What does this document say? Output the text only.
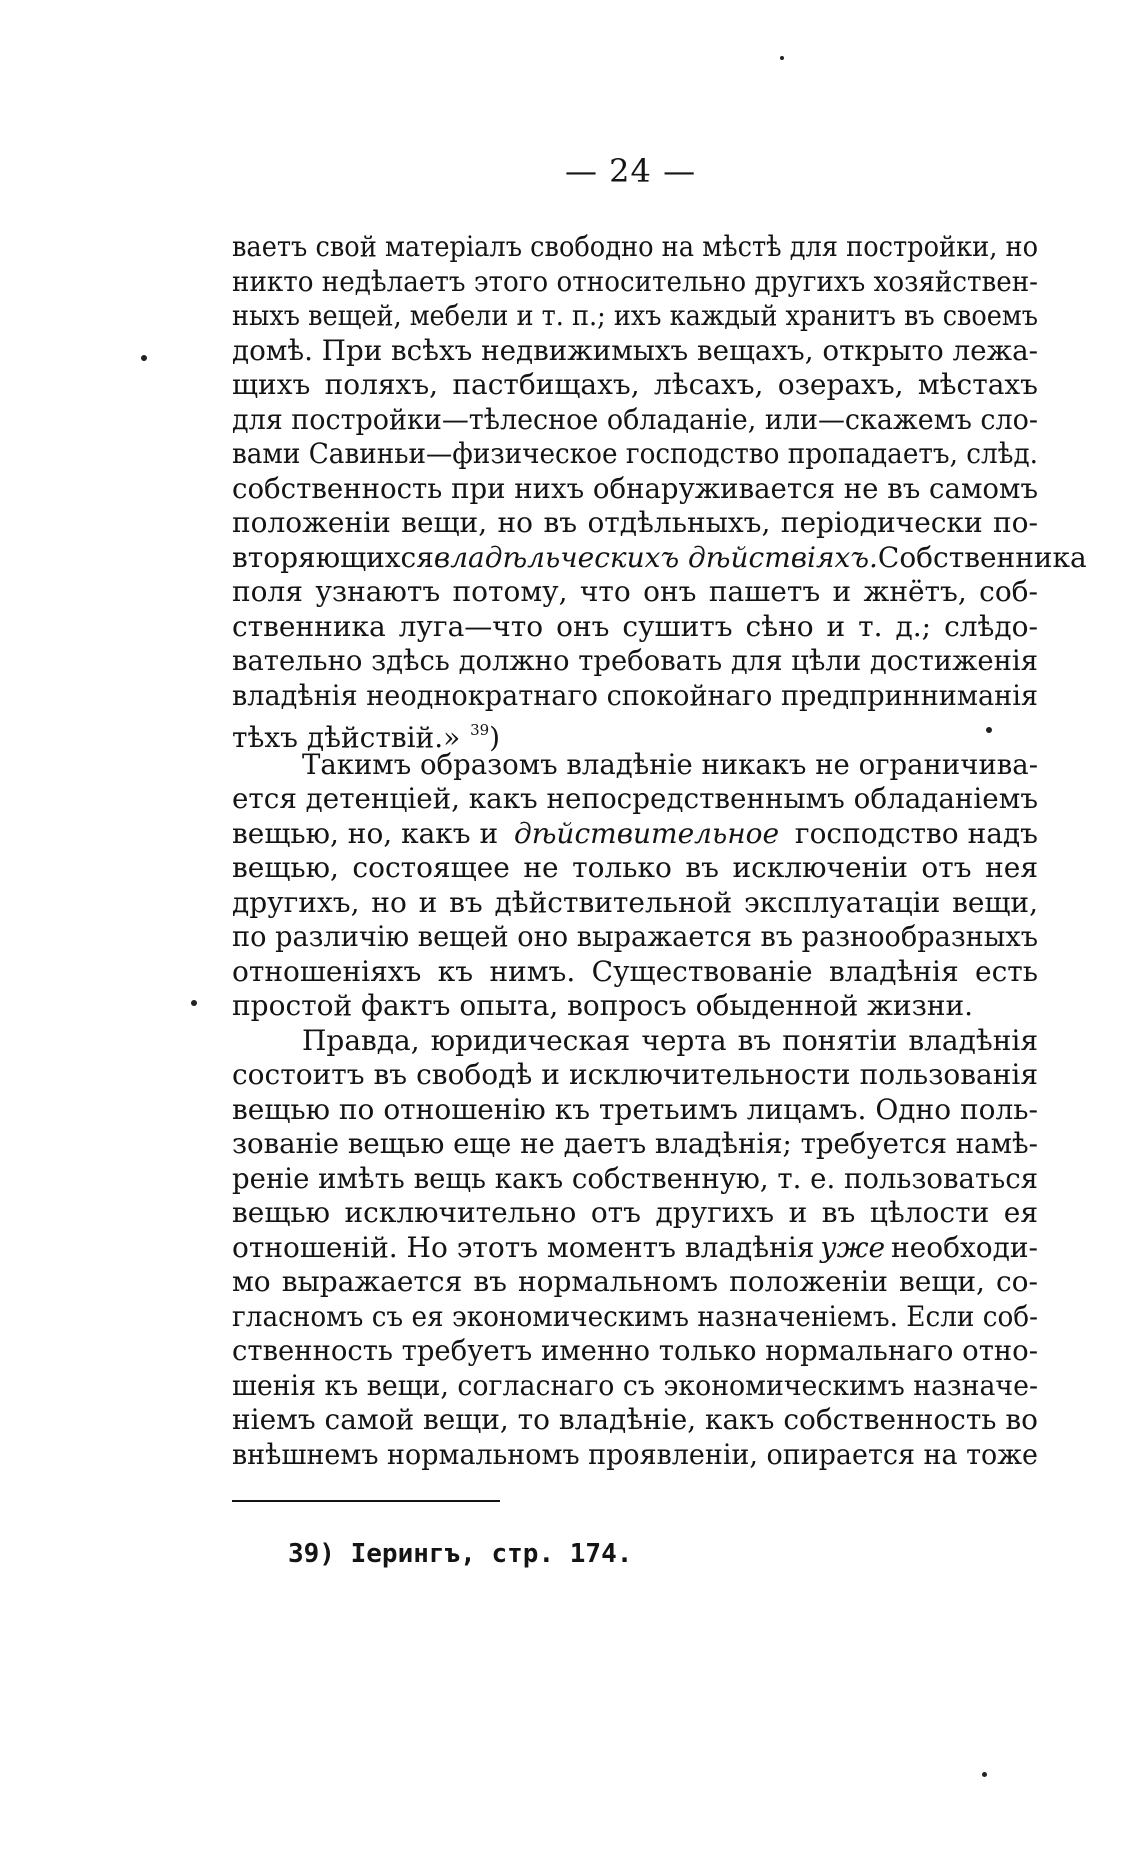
— 24 —
ваетъ свой матеріалъ свободно на мѣстѣ для постройки, но
никто недѣлаетъ этого относительно другихъ хозяйствен-
ныхъ вещей, мебели и т. п.; ихъ каждый хранитъ въ своемъ
домѣ. При всѣхъ недвижимыхъ вещахъ, открыто лежа-
щихъ поляхъ, пастбищахъ, лѣсахъ, озерахъ, мѣстахъ
для постройки—тѣлесное обладаніе, или—скажемъ сло-
вами Савиньи—физическое господство пропадаетъ, слѣд.
собственность при нихъ обнаруживается не въ самомъ
положеніи вещи, но въ отдѣльныхъ, періодически по-
вторяющихся владѣльческихъ дѣйствіяхъ. Собственника
поля узнаютъ потому, что онъ пашетъ и жнётъ, соб-
ственника луга—что онъ сушитъ сѣно и т. д.; слѣдо-
вательно здѣсь должно требовать для цѣли достиженія
владѣнія неоднократнаго спокойнаго предпринниманія
тѣхъ дѣйствій.» $^{39}$)
Такимъ образомъ владѣніе никакъ не ограничива-
ется детенціей, какъ непосредственнымъ обладаніемъ
вещью, но, какъ и дѣйствительное господство надъ
вещью, состоящее не только въ исключеніи отъ нея
другихъ, но и въ дѣйствительной эксплуатаціи вещи,
по различію вещей оно выражается въ разнообразныхъ
отношеніяхъ къ нимъ. Существованіе владѣнія есть
простой фактъ опыта, вопросъ обыденной жизни.
Правда, юридическая черта въ понятіи владѣнія
состоитъ въ свободѣ и исключительности пользованія
вещью по отношенію къ третьимъ лицамъ. Одно поль-
зованіе вещью еще не даетъ владѣнія; требуется намѣ-
реніе имѣть вещь какъ собственную, т. е. пользоваться
вещью исключительно отъ другихъ и въ цѣлости ея
отношеній. Но этотъ моментъ владѣнія уже необходи-
мо выражается въ нормальномъ положеніи вещи, со-
гласномъ съ ея экономическимъ назначеніемъ. Если соб-
ственность требуетъ именно только нормальнаго отно-
шенія къ вещи, согласнаго съ экономическимъ назначе-
ніемъ самой вещи, то владѣніе, какъ собственность во
внѣшнемъ нормальномъ проявленіи, опирается на тоже
39) Іерингъ, стр. 174.
